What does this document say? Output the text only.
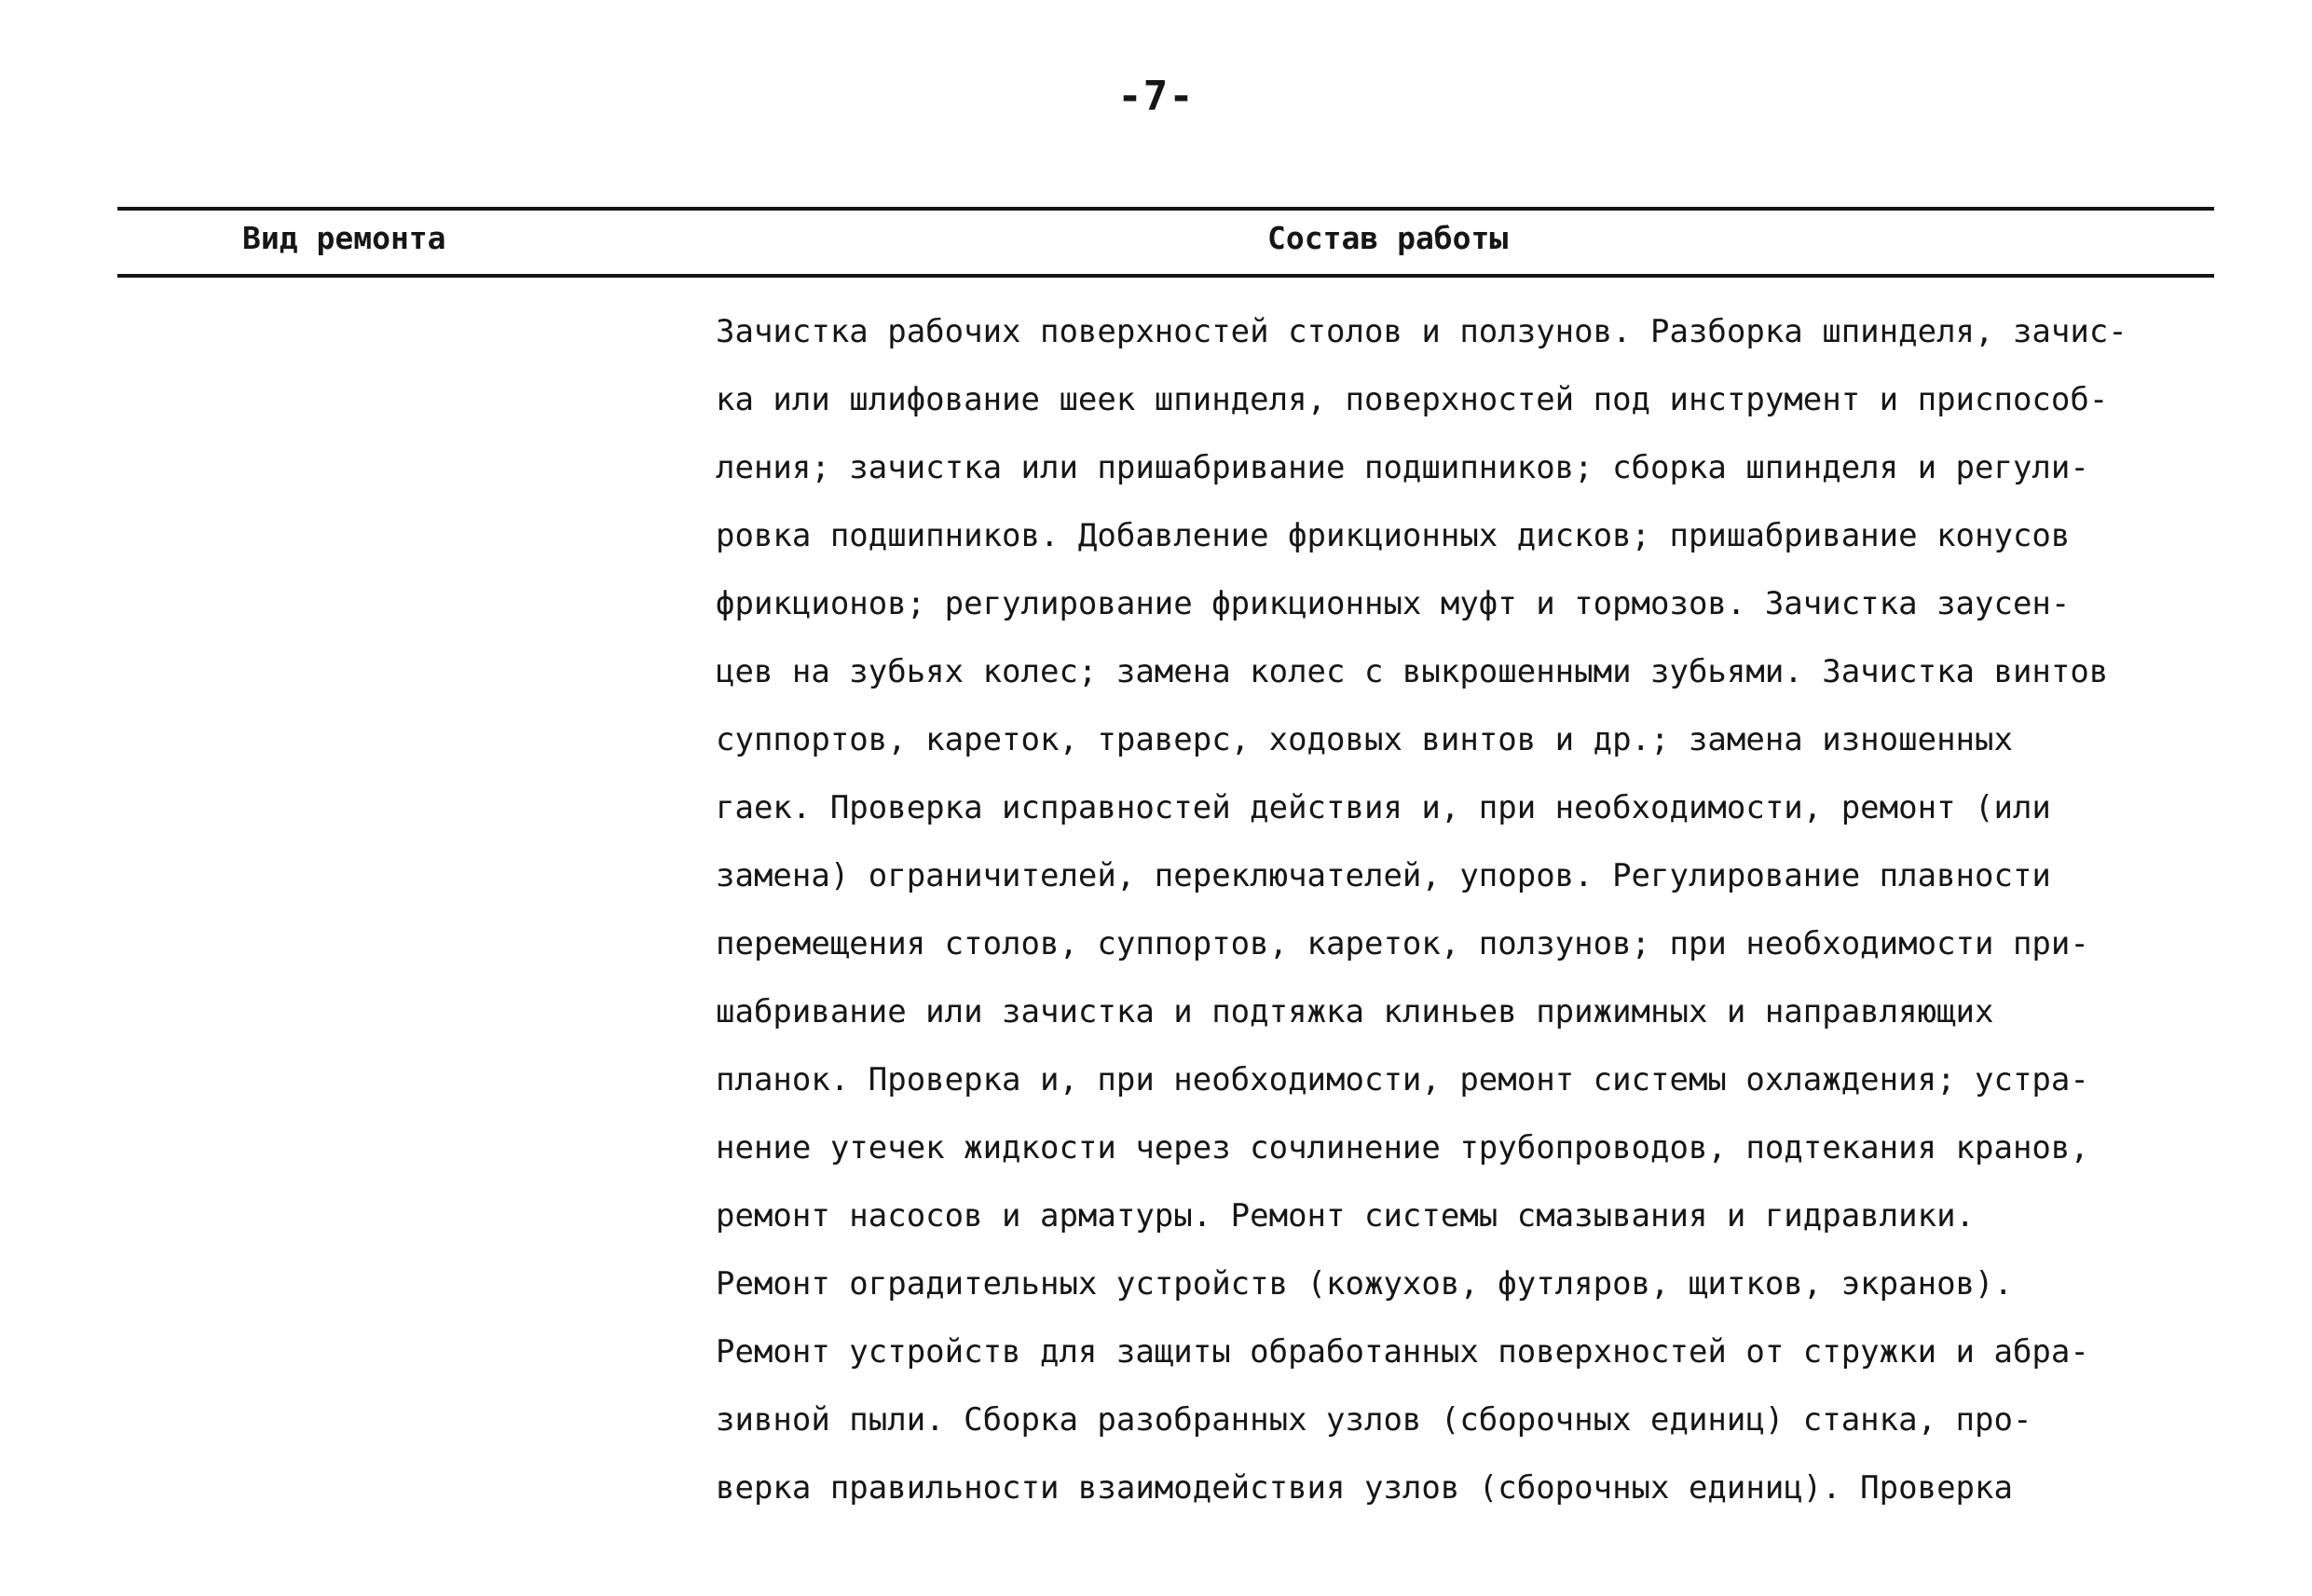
-7-
Вид ремонта	Состав работы
Зачистка рабочих поверхностей столов и ползунов. Разборка шпинделя, зачис-
ка или шлифование шеек шпинделя, поверхностей под инструмент и приспособ-
ления; зачистка или пришабривание подшипников; сборка шпинделя и регули-
ровка подшипников. Добавление фрикционных дисков; пришабривание конусов
фрикционов; регулирование фрикционных муфт и тормозов. Зачистка заусен-
цев на зубьях колес; замена колес с выкрошенными зубьями. Зачистка винтов
суппортов, кареток, траверс, ходовых винтов и др.; замена изношенных
гаек. Проверка исправностей действия и, при необходимости, ремонт (или
замена) ограничителей, переключателей, упоров. Регулирование плавности
перемещения столов, суппортов, кареток, ползунов; при необходимости при-
шабривание или зачистка и подтяжка клиньев прижимных и направляющих
планок. Проверка и, при необходимости, ремонт системы охлаждения; устра-
нение утечек жидкости через сочлинение трубопроводов, подтекания кранов,
ремонт насосов и арматуры. Ремонт системы смазывания и гидравлики.
Ремонт оградительных устройств (кожухов, футляров, щитков, экранов).
Ремонт устройств для защиты обработанных поверхностей от стружки и абра-
зивной пыли. Сборка разобранных узлов (сборочных единиц) станка, про-
верка правильности взаимодействия узлов (сборочных единиц). Проверка
